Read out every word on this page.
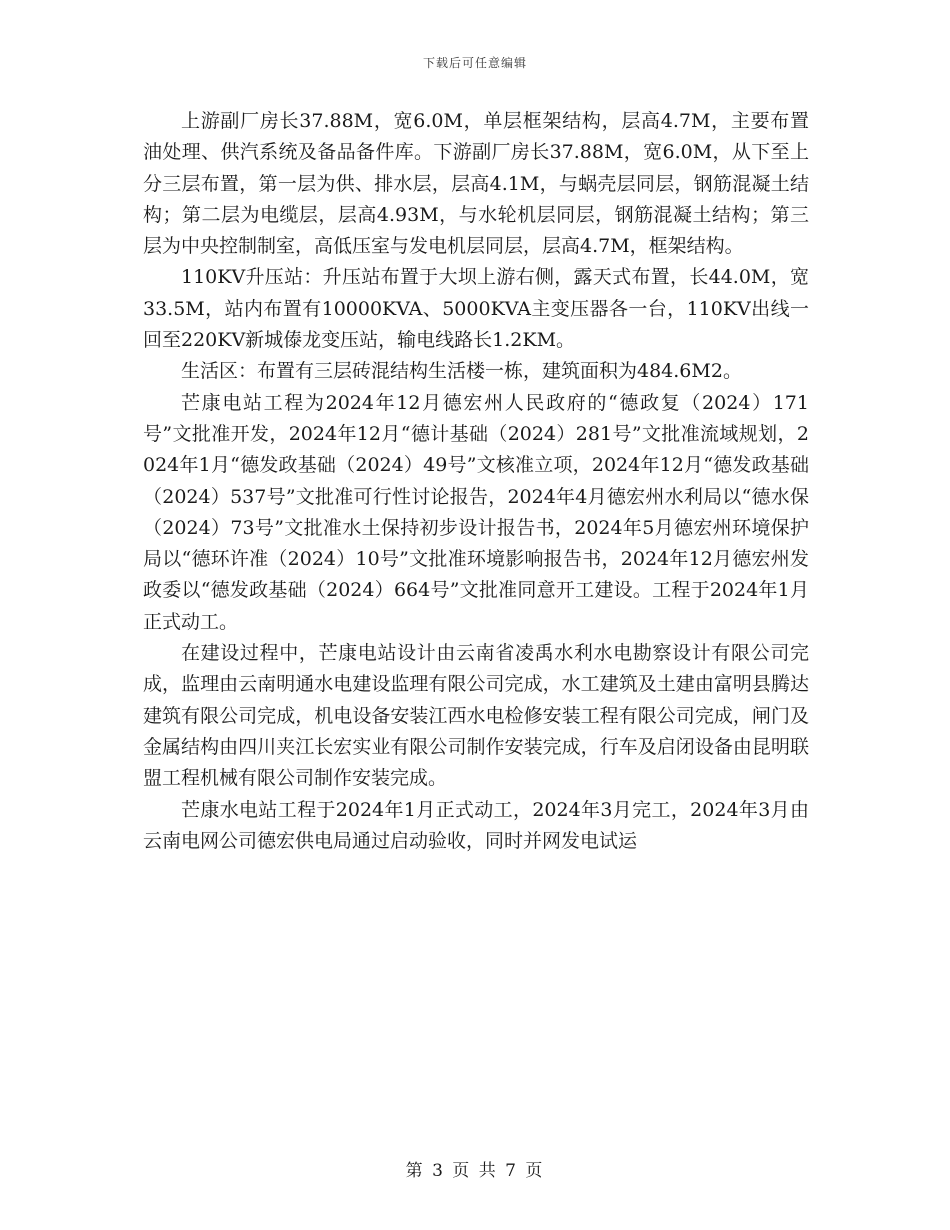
下载后可任意编辑

上游副厂房长37.88M，宽6.0M，单层框架结构，层高4.7M，主要布置油处理、供汽系统及备品备件库。下游副厂房长37.88M，宽6.0M，从下至上分三层布置，第一层为供、排水层，层高4.1M，与蜗壳层同层，钢筋混凝土结构；第二层为电缆层，层高4.93M，与水轮机层同层，钢筋混凝土结构；第三层为中央控制制室，高低压室与发电机层同层，层高4.7M，框架结构。

110KV升压站：升压站布置于大坝上游右侧，露天式布置，长44.0M，宽33.5M，站内布置有10000KVA、5000KVA主变压器各一台，110KV出线一回至220KV新城傣龙变压站，输电线路长1.2KM。

生活区：布置有三层砖混结构生活楼一栋，建筑面积为484.6M2。

芒康电站工程为2024年12月德宏州人民政府的“德政复（2024）171号”文批准开发，2024年12月“德计基础（2024）281号”文批准流域规划，2024年1月“德发政基础（2024）49号”文核准立项，2024年12月“德发政基础（2024）537号”文批准可行性讨论报告，2024年4月德宏州水利局以“德水保（2024）73号”文批准水土保持初步设计报告书，2024年5月德宏州环境保护局以“德环许准（2024）10号”文批准环境影响报告书，2024年12月德宏州发政委以“德发政基础（2024）664号”文批准同意开工建设。工程于2024年1月正式动工。

在建设过程中，芒康电站设计由云南省凌禹水利水电勘察设计有限公司完成，监理由云南明通水电建设监理有限公司完成，水工建筑及土建由富明县腾达建筑有限公司完成，机电设备安装江西水电检修安装工程有限公司完成，闸门及金属结构由四川夹江长宏实业有限公司制作安装完成，行车及启闭设备由昆明联盟工程机械有限公司制作安装完成。

芒康水电站工程于2024年1月正式动工，2024年3月完工，2024年3月由云南电网公司德宏供电局通过启动验收，同时并网发电试运

第 3 页 共 7 页
